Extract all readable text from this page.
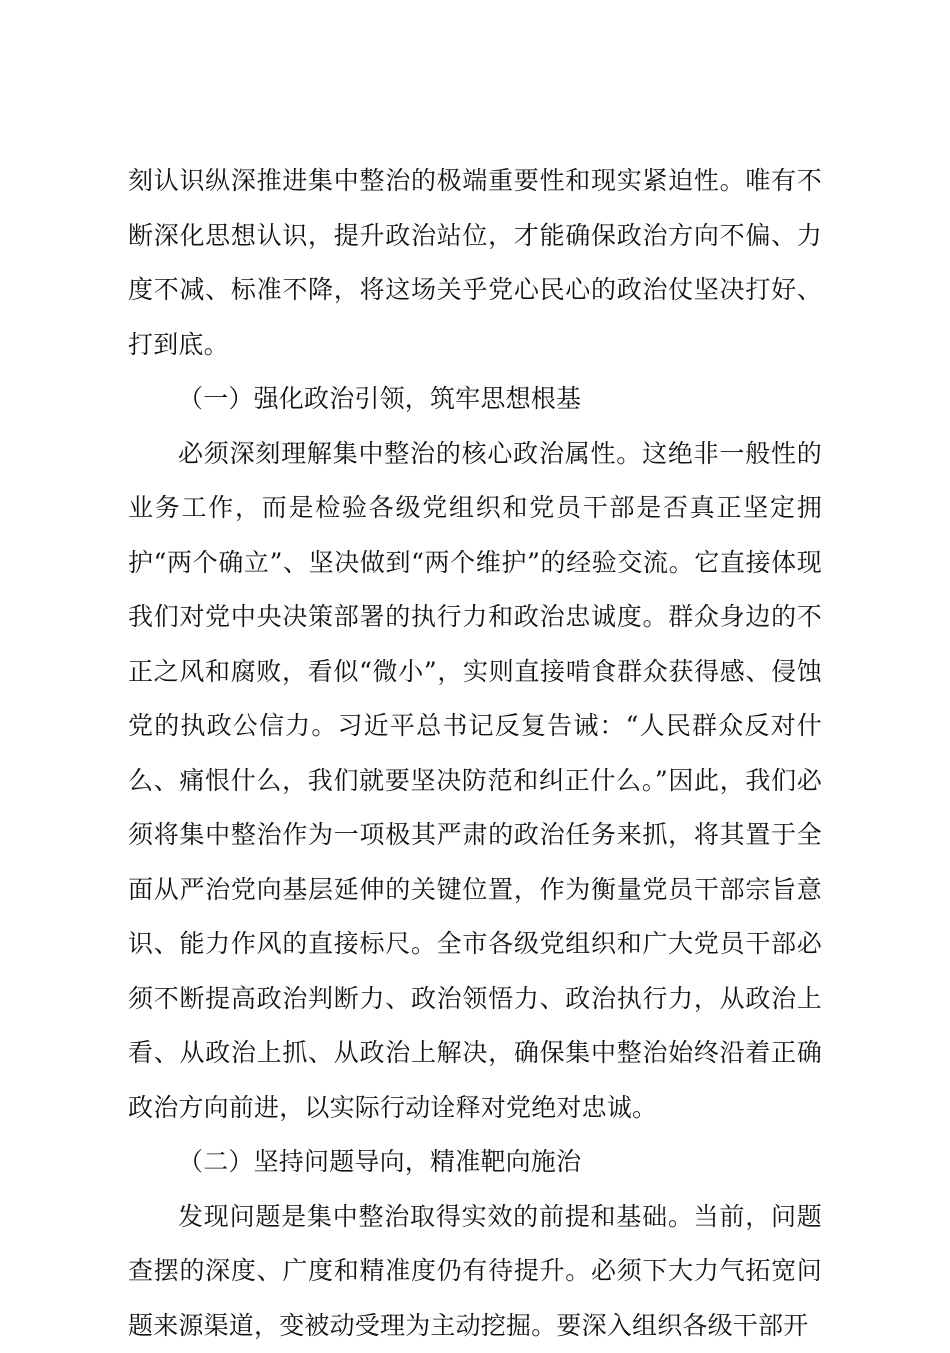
刻认识纵深推进集中整治的极端重要性和现实紧迫性。唯有不断深化思想认识，提升政治站位，才能确保政治方向不偏、力度不减、标准不降，将这场关乎党心民心的政治仗坚决打好、打到底。

（一）强化政治引领，筑牢思想根基

必须深刻理解集中整治的核心政治属性。这绝非一般性的业务工作，而是检验各级党组织和党员干部是否真正坚定拥护“两个确立”、坚决做到“两个维护”的经验交流。它直接体现我们对党中央决策部署的执行力和政治忠诚度。群众身边的不正之风和腐败，看似“微小”，实则直接啃食群众获得感、侵蚀党的执政公信力。习近平总书记反复告诫：“人民群众反对什么、痛恨什么，我们就要坚决防范和纠正什么。”因此，我们必须将集中整治作为一项极其严肃的政治任务来抓，将其置于全面从严治党向基层延伸的关键位置，作为衡量党员干部宗旨意识、能力作风的直接标尺。全市各级党组织和广大党员干部必须不断提高政治判断力、政治领悟力、政治执行力，从政治上看、从政治上抓、从政治上解决，确保集中整治始终沿着正确政治方向前进，以实际行动诠释对党绝对忠诚。

（二）坚持问题导向，精准靶向施治

发现问题是集中整治取得实效的前提和基础。当前，问题查摆的深度、广度和精准度仍有待提升。必须下大力气拓宽问题来源渠道，变被动受理为主动挖掘。要深入组织各级干部开
